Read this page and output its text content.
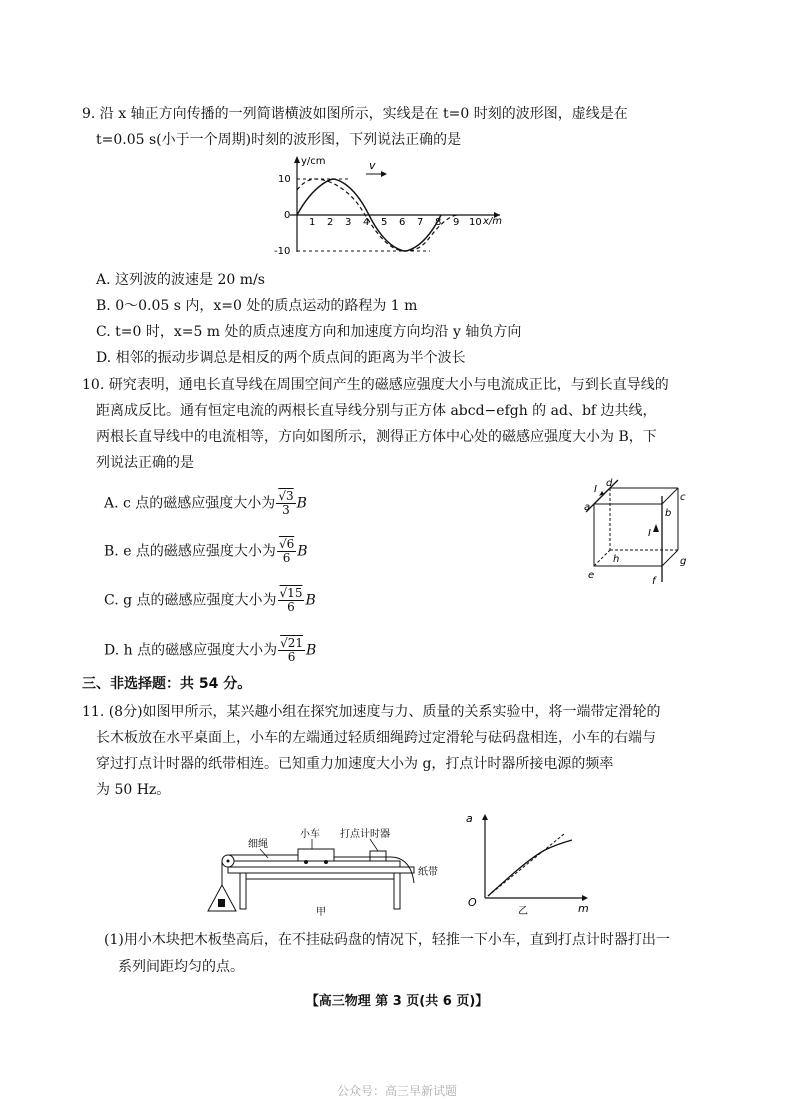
9. 沿 x 轴正方向传播的一列简谐横波如图所示，实线是在 t=0 时刻的波形图，虚线是在
t=0.05 s(小于一个周期)时刻的波形图，下列说法正确的是
y/cm
x/m
10
0
-10
1 2 3 4 5 6 7 8 9 10
v
A. 这列波的波速是 20 m/s
B. 0～0.05 s 内，x=0 处的质点运动的路程为 1 m
C. t=0 时，x=5 m 处的质点速度方向和加速度方向均沿 y 轴负方向
D. 相邻的振动步调总是相反的两个质点间的距离为半个波长
10. 研究表明，通电长直导线在周围空间产生的磁感应强度大小与电流成正比，与到长直导线的
距离成反比。通有恒定电流的两根长直导线分别与正方体 abcd−efgh 的 ad、bf 边共线，
两根长直导线中的电流相等，方向如图所示，测得正方体中心处的磁感应强度大小为 B，下
列说法正确的是
A. c 点的磁感应强度大小为 $\frac{√3}{3}$ B
B. e 点的磁感应强度大小为 $\frac{√6}{6}$ B
C. g 点的磁感应强度大小为 $\frac{√15}{6}$ B
D. h 点的磁感应强度大小为 $\frac{√21}{6}$ B
a
d
I
c
b
I
h	g
e
f
三、非选择题：共 54 分。
11. (8分)如图甲所示，某兴趣小组在探究加速度与力、质量的关系实验中，将一端带定滑轮的
长木板放在水平桌面上，小车的左端通过轻质细绳跨过定滑轮与砝码盘相连，小车的右端与
穿过打点计时器的纸带相连。已知重力加速度大小为 g，打点计时器所接电源的频率
为 50 Hz。
细绳
小车 打点计时器
纸带
甲
a
m
O
乙
(1)用小木块把木板垫高后，在不挂砝码盘的情况下，轻推一下小车，直到打点计时器打出一
系列间距均匀的点。
【高三物理 第 3 页(共 6 页)】
公众号：高三早新试题
